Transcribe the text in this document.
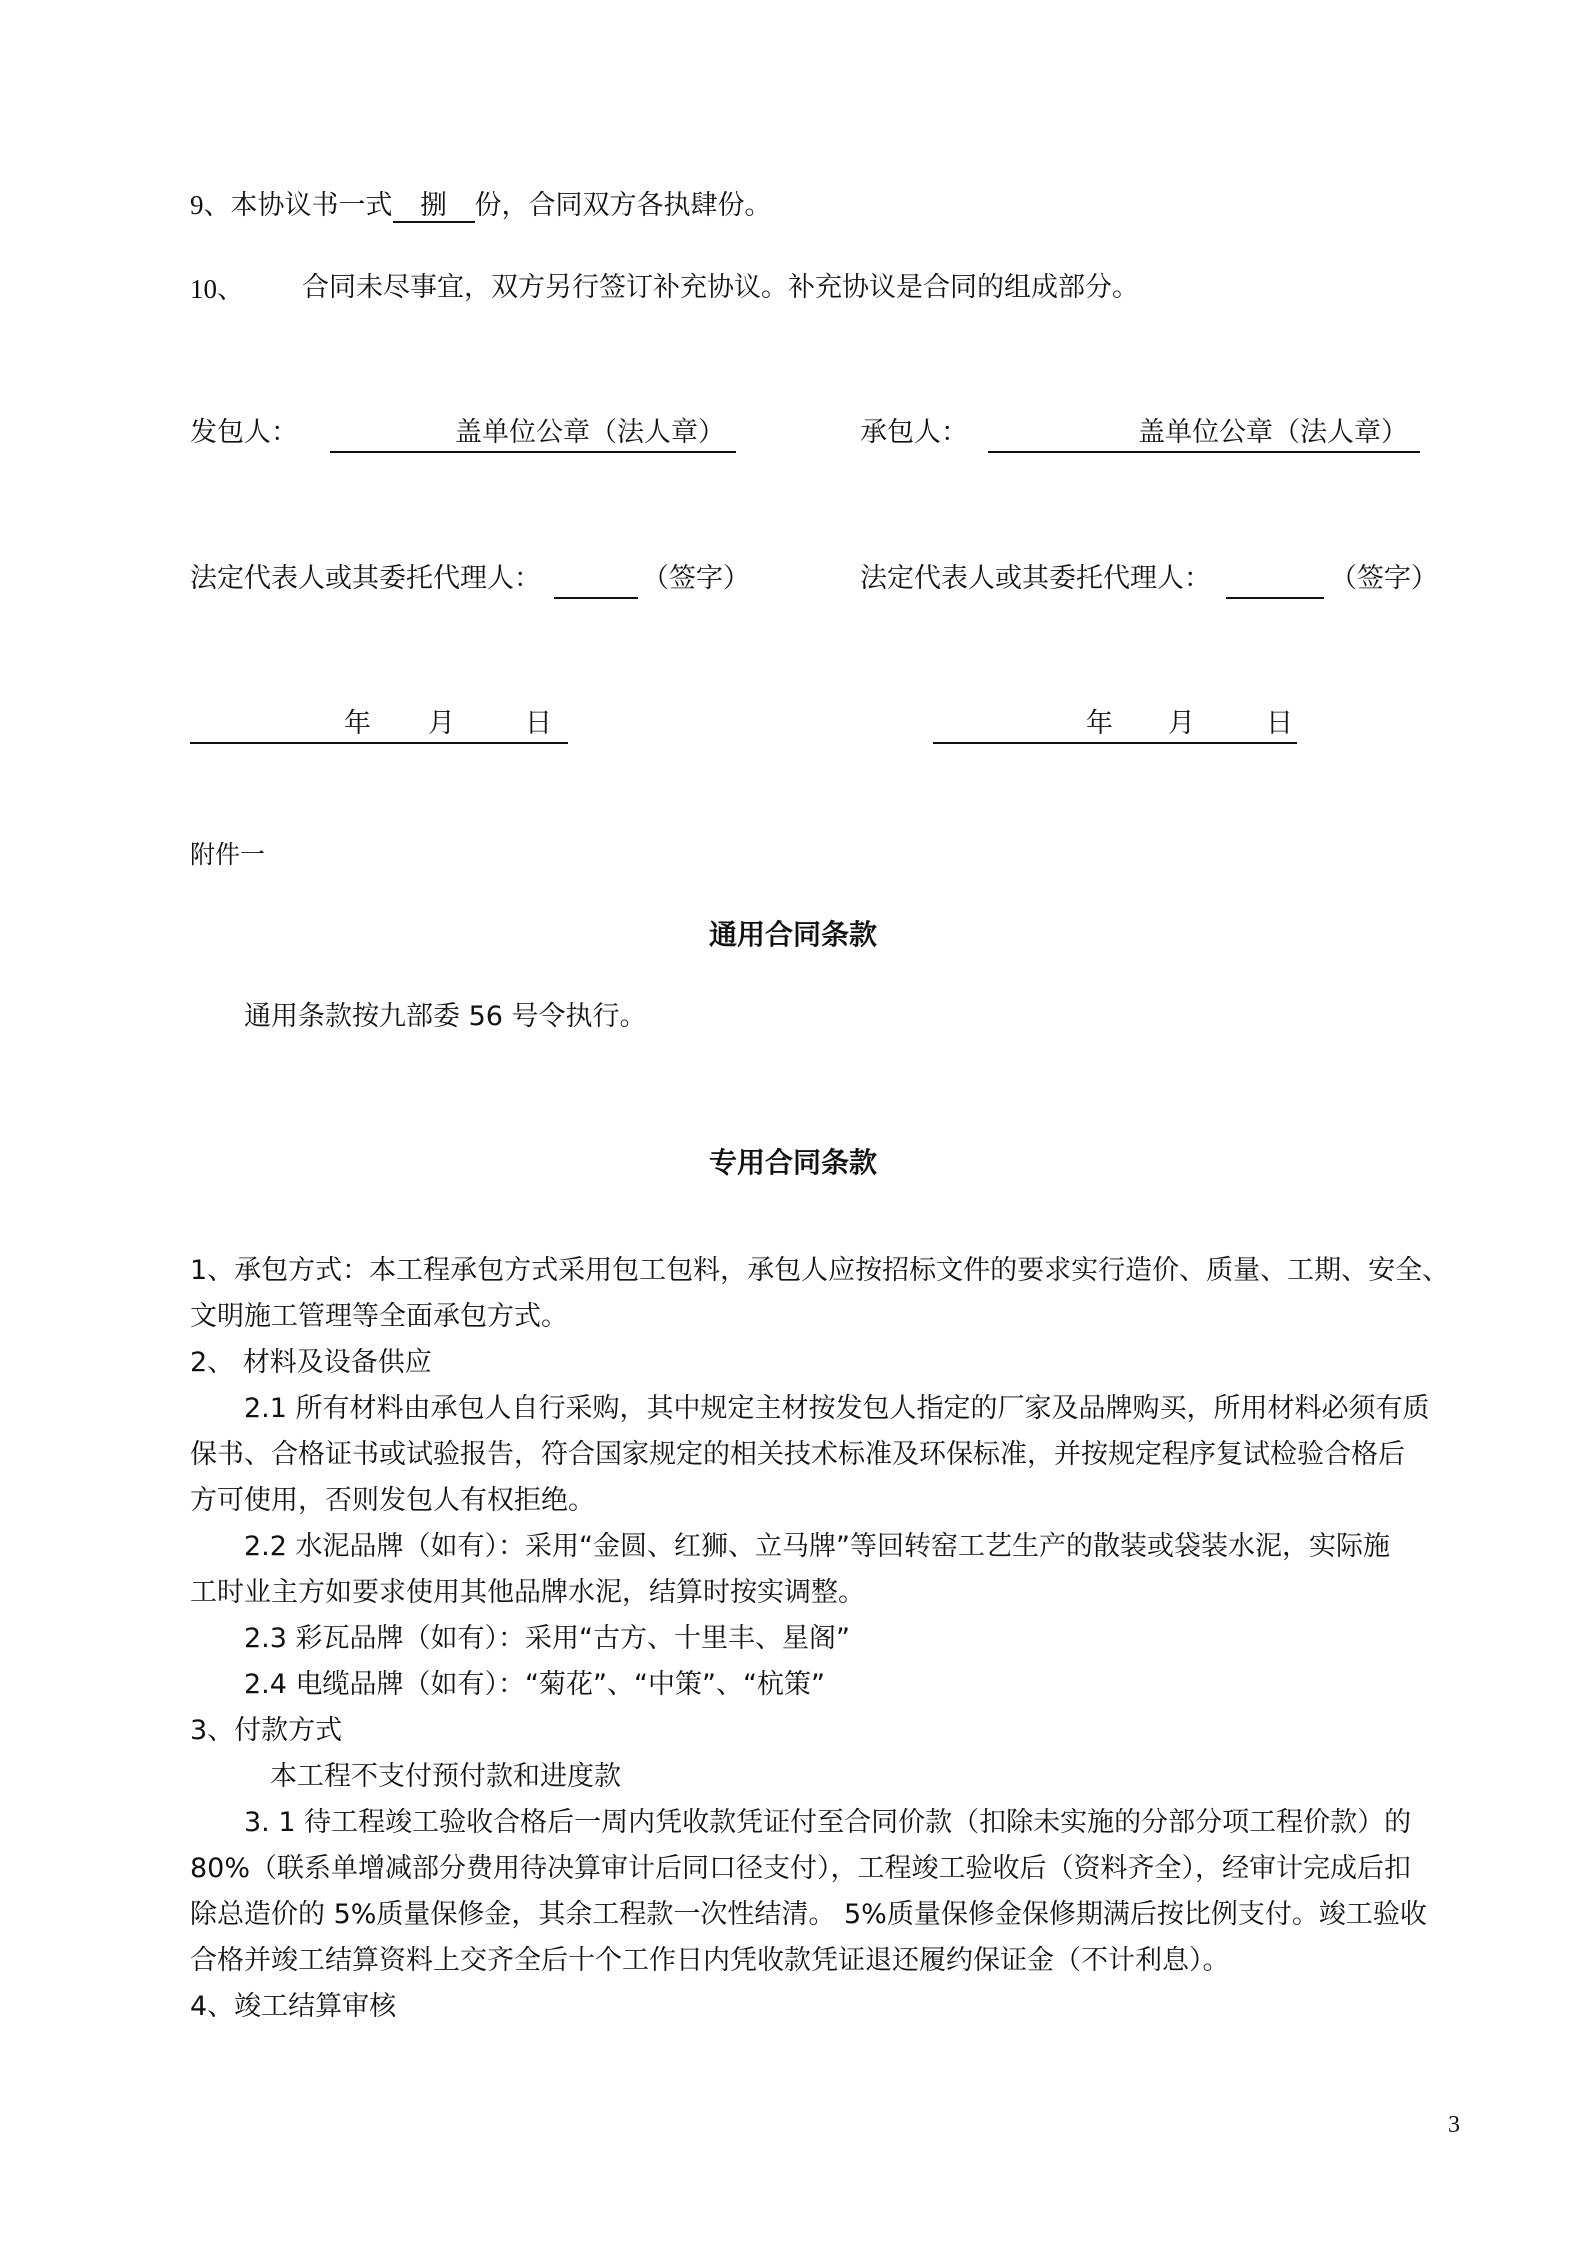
9、本协议书一式 捌 份，合同双方各执肆份。
10、 合同未尽事宜，双方另行签订补充协议。补充协议是合同的组成部分。
发包人：	盖单位公章（法人章）	承包人：	盖单位公章（法人章）
法定代表人或其委托代理人：	（签字）	法定代表人或其委托代理人：	（签字）
年 月	日	年 月	日
附件一
通用合同条款
通用条款按九部委 56 号令执行。
专用合同条款
1、承包方式：本工程承包方式采用包工包料，承包人应按招标文件的要求实行造价、质量、工期、安全、
文明施工管理等全面承包方式。
2、 材料及设备供应
2.1 所有材料由承包人自行采购，其中规定主材按发包人指定的厂家及品牌购买，所用材料必须有质
保书、合格证书或试验报告，符合国家规定的相关技术标准及环保标准，并按规定程序复试检验合格后
方可使用，否则发包人有权拒绝。
2.2 水泥品牌（如有）：采用“金圆、红狮、立马牌”等回转窑工艺生产的散装或袋装水泥，实际施
工时业主方如要求使用其他品牌水泥，结算时按实调整。
2.3 彩瓦品牌（如有）：采用“古方、十里丰、星阁”
2.4 电缆品牌（如有）：“菊花”、“中策”、“杭策”
3、付款方式
本工程不支付预付款和进度款
3. 1 待工程竣工验收合格后一周内凭收款凭证付至合同价款（扣除未实施的分部分项工程价款）的
80%（联系单增减部分费用待决算审计后同口径支付），工程竣工验收后（资料齐全），经审计完成后扣
除总造价的 5%质量保修金，其余工程款一次性结清。 5%质量保修金保修期满后按比例支付。竣工验收
合格并竣工结算资料上交齐全后十个工作日内凭收款凭证退还履约保证金（不计利息）。
4、竣工结算审核
3
